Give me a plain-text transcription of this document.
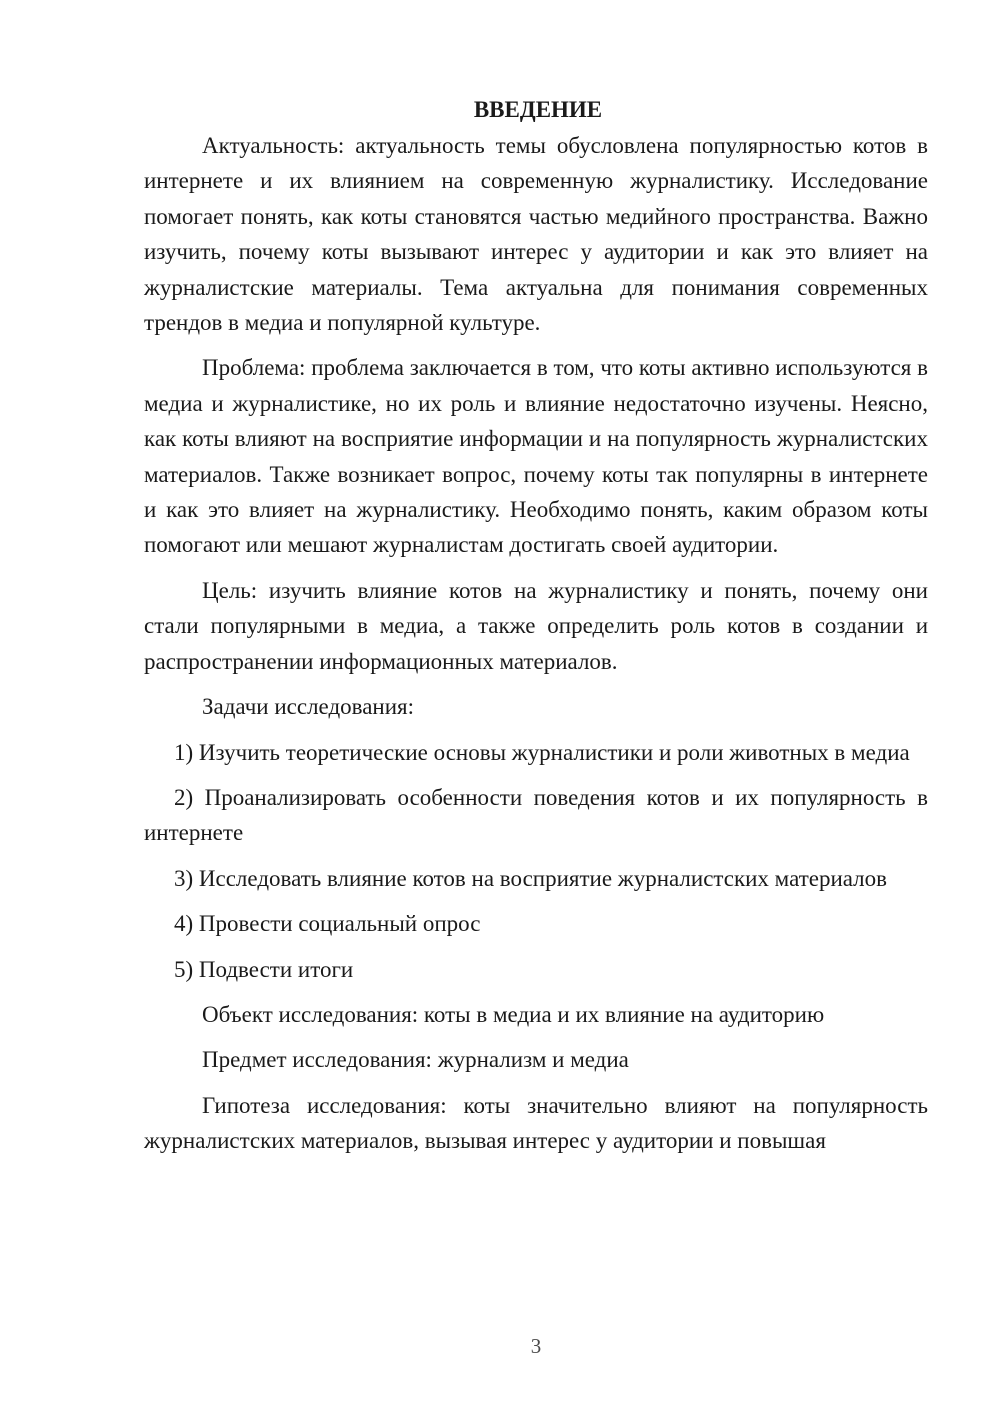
ВВЕДЕНИЕ

Актуальность: актуальность темы обусловлена популярностью котов в интернете и их влиянием на современную журналистику. Исследование помогает понять, как коты становятся частью медийного пространства. Важно изучить, почему коты вызывают интерес у аудитории и как это влияет на журналистские материалы. Тема актуальна для понимания современных трендов в медиа и популярной культуре.

Проблема: проблема заключается в том, что коты активно используются в медиа и журналистике, но их роль и влияние недостаточно изучены. Неясно, как коты влияют на восприятие информации и на популярность журналистских материалов. Также возникает вопрос, почему коты так популярны в интернете и как это влияет на журналистику. Необходимо понять, каким образом коты помогают или мешают журналистам достигать своей аудитории.

Цель: изучить влияние котов на журналистику и понять, почему они стали популярными в медиа, а также определить роль котов в создании и распространении информационных материалов.

Задачи исследования:

1) Изучить теоретические основы журналистики и роли животных в медиа

2) Проанализировать особенности поведения котов и их популярность в интернете

3) Исследовать влияние котов на восприятие журналистских материалов

4) Провести социальный опрос

5) Подвести итоги

Объект исследования: коты в медиа и их влияние на аудиторию

Предмет исследования: журнализм и медиа

Гипотеза исследования: коты значительно влияют на популярность журналистских материалов, вызывая интерес у аудитории и повышая

3
